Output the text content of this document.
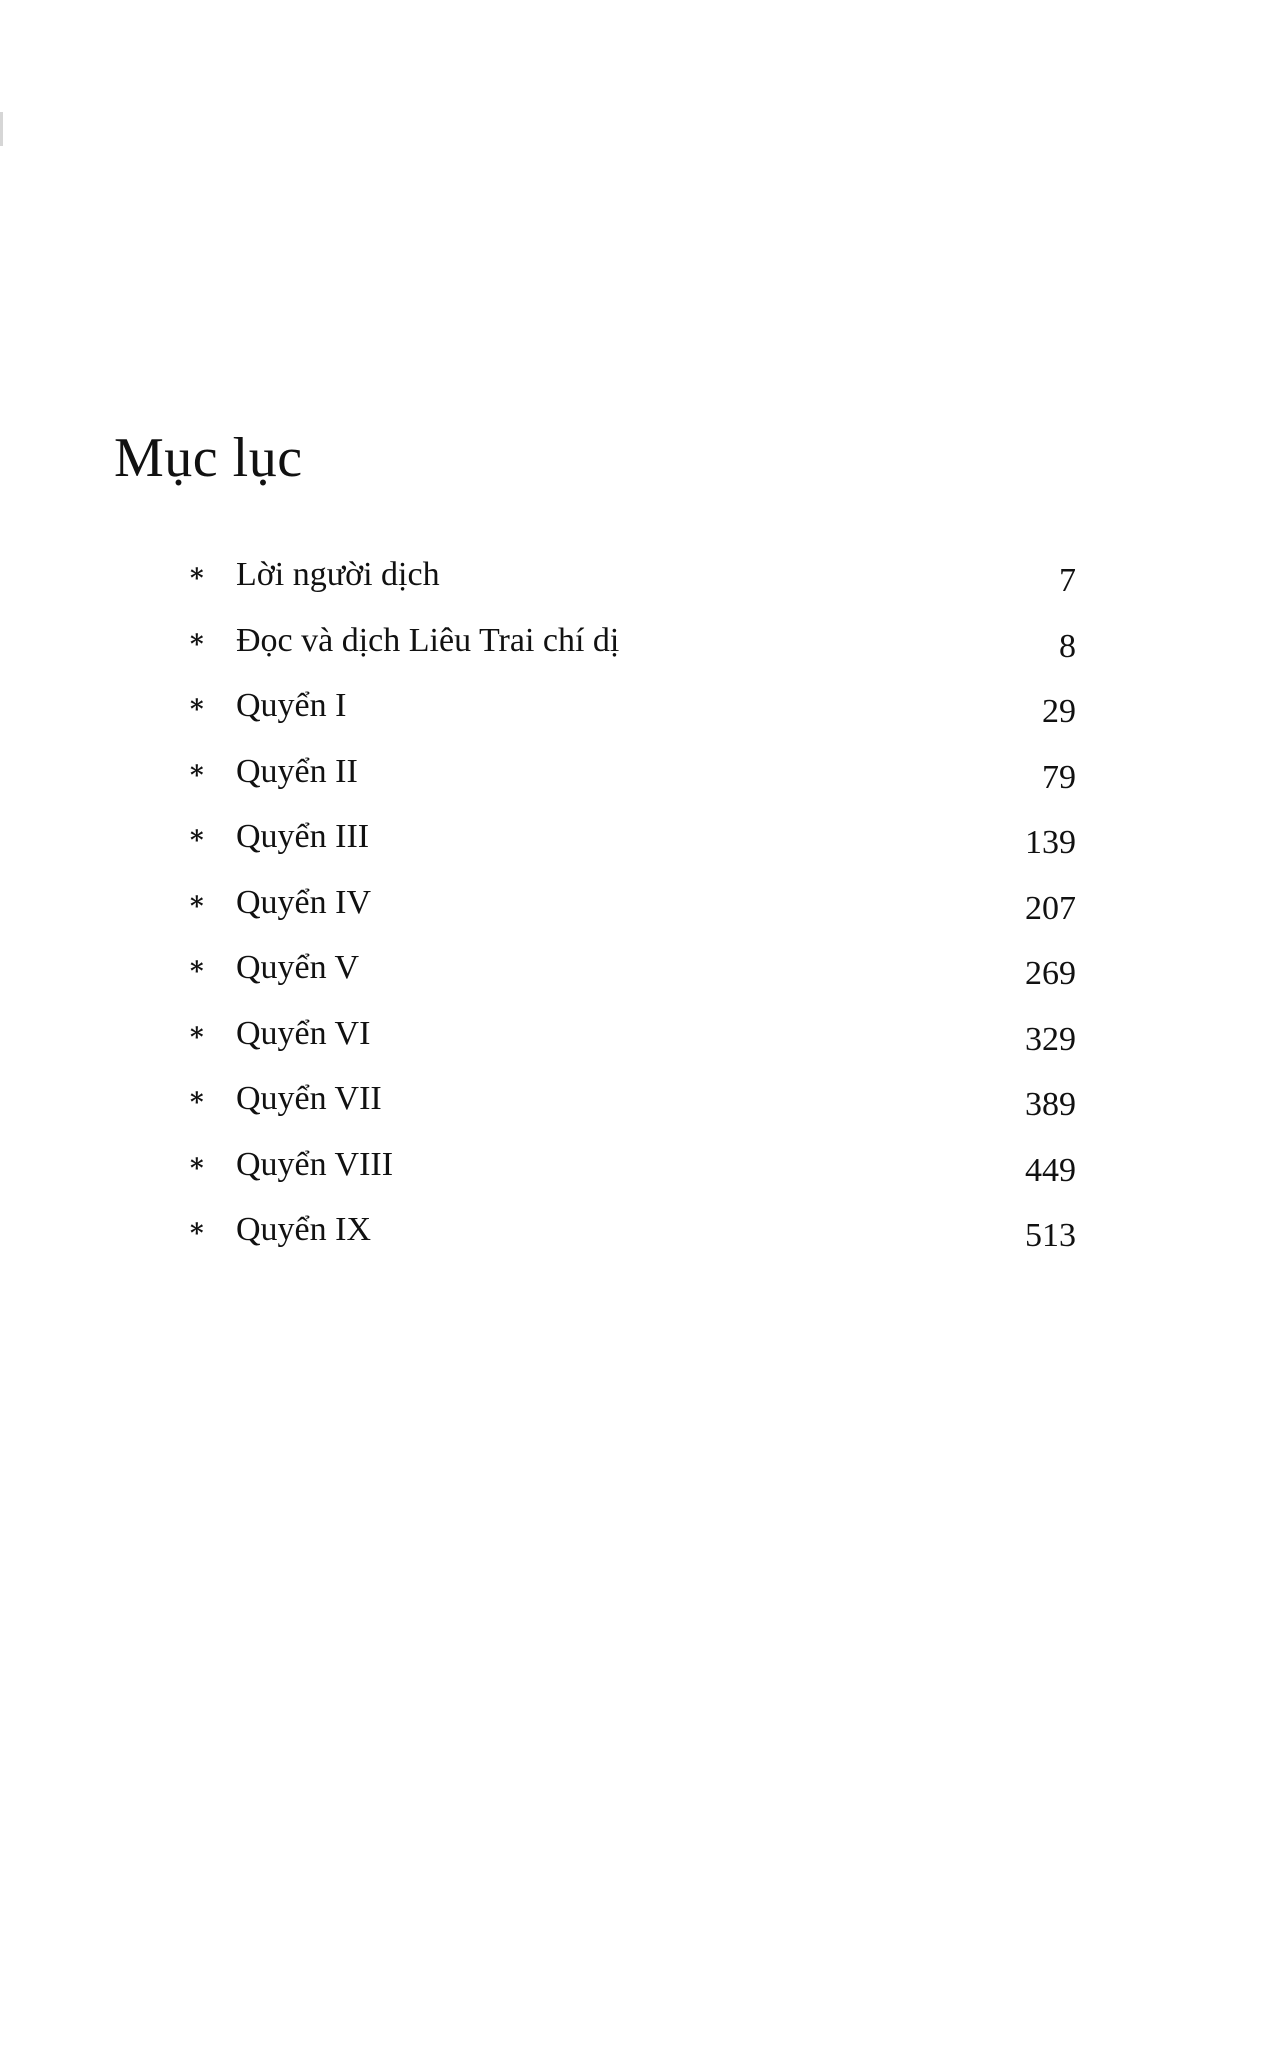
Mục lục
* Lời người dịch	7
* Đọc và dịch Liêu Trai chí dị	8
* Quyển I	29
* Quyển II	79
* Quyển III	139
* Quyển IV	207
* Quyển V	269
* Quyển VI	329
* Quyển VII	389
* Quyển VIII	449
* Quyển IX	513
